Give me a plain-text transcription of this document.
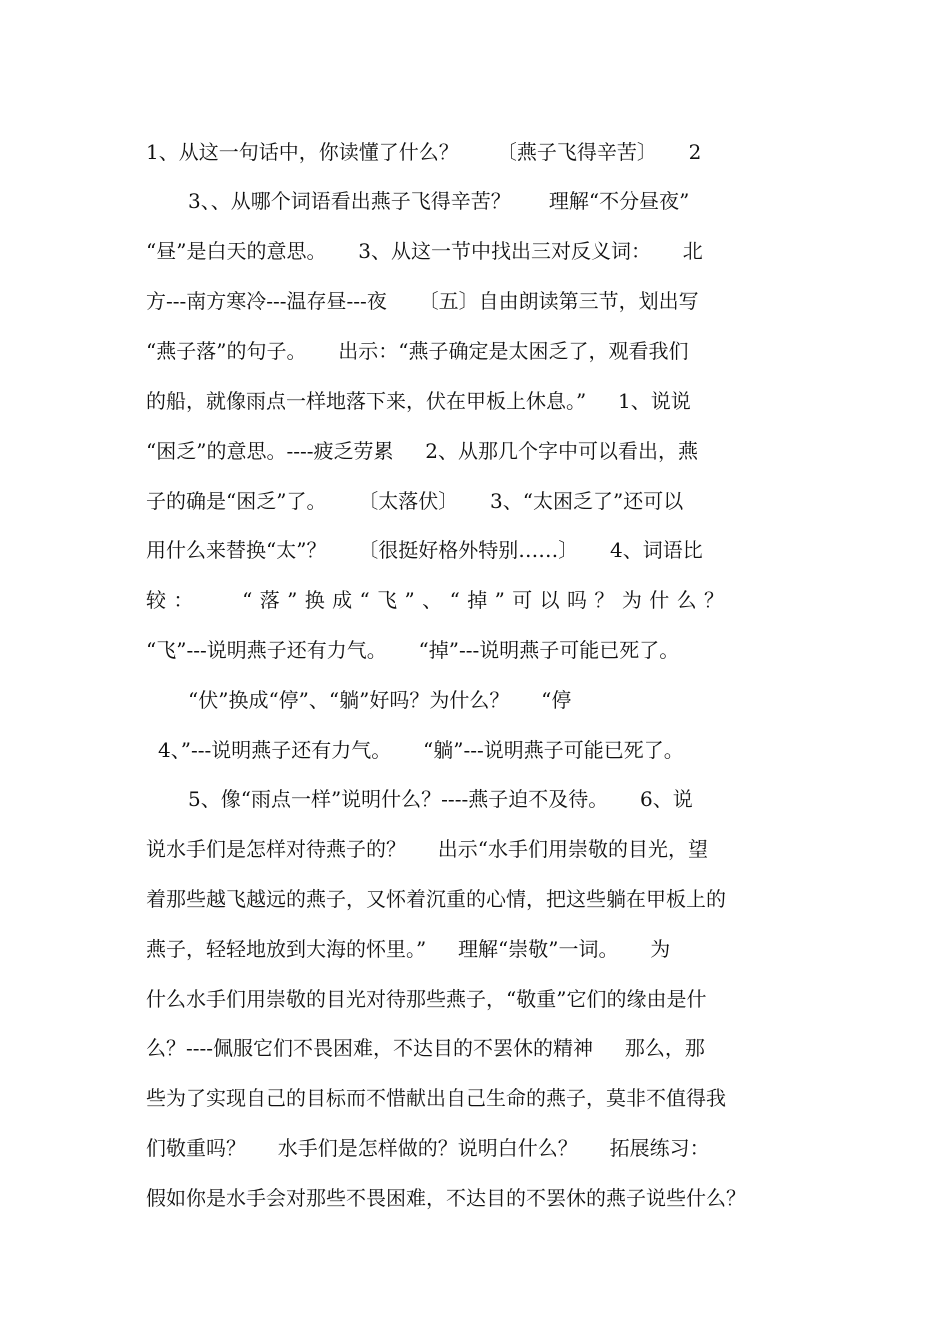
1、从这一句话中，你读懂了什么？      〔燕子飞得辛苦〕     2
3、、从哪个词语看出燕子飞得辛苦？      理解“不分昼夜”
“昼”是白天的意思。     3、从这一节中找出三对反义词：     北
方---南方寒冷---温存昼---夜     〔五〕自由朗读第三节，划出写
“燕子落”的句子。     出示：“燕子确定是太困乏了，观看我们
的船，就像雨点一样地落下来，伏在甲板上休息。”     1、说说
“困乏”的意思。----疲乏劳累     2、从那几个字中可以看出，燕
子的确是“困乏”了。     〔太落伏〕     3、“太困乏了”还可以
用什么来替换“太”？     〔很挺好格外特别……〕     4、词语比
较：   “落”换成“飞”、“掉”可以吗？为什么？
“飞”---说明燕子还有力气。     “掉”---说明燕子可能已死了。
“伏”换成“停”、“躺”好吗？为什么？     “停
4、”---说明燕子还有力气。     “躺”---说明燕子可能已死了。
5、像“雨点一样”说明什么？----燕子迫不及待。     6、说
说水手们是怎样对待燕子的？     出示“水手们用崇敬的目光，望
着那些越飞越远的燕子，又怀着沉重的心情，把这些躺在甲板上的
燕子，轻轻地放到大海的怀里。”     理解“崇敬”一词。     为
什么水手们用崇敬的目光对待那些燕子，“敬重”它们的缘由是什
么？----佩服它们不畏困难，不达目的不罢休的精神     那么，那
些为了实现自己的目标而不惜献出自己生命的燕子，莫非不值得我
们敬重吗？     水手们是怎样做的？说明白什么？     拓展练习：
假如你是水手会对那些不畏困难，不达目的不罢休的燕子说些什么？
